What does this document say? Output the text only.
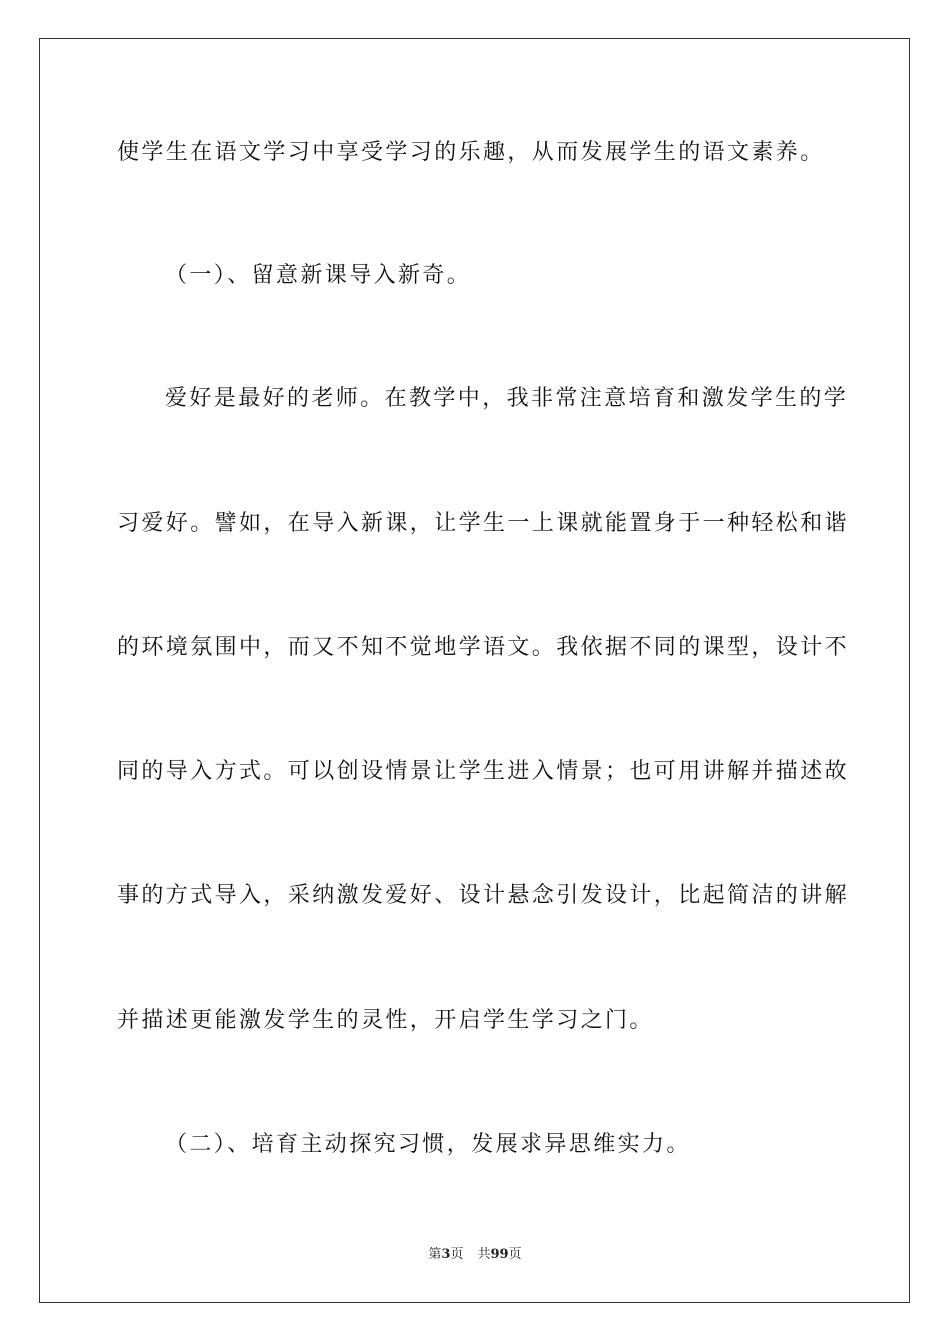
使学生在语文学习中享受学习的乐趣，从而发展学生的语文素养。
（一）、留意新课导入新奇。
爱好是最好的老师。在教学中，我非常注意培育和激发学生的学
习爱好。譬如，在导入新课，让学生一上课就能置身于一种轻松和谐
的环境氛围中，而又不知不觉地学语文。我依据不同的课型，设计不
同的导入方式。可以创设情景让学生进入情景；也可用讲解并描述故
事的方式导入，采纳激发爱好、设计悬念引发设计，比起简洁的讲解
并描述更能激发学生的灵性，开启学生学习之门。
（二）、培育主动探究习惯，发展求异思维实力。
第3页 共99页
